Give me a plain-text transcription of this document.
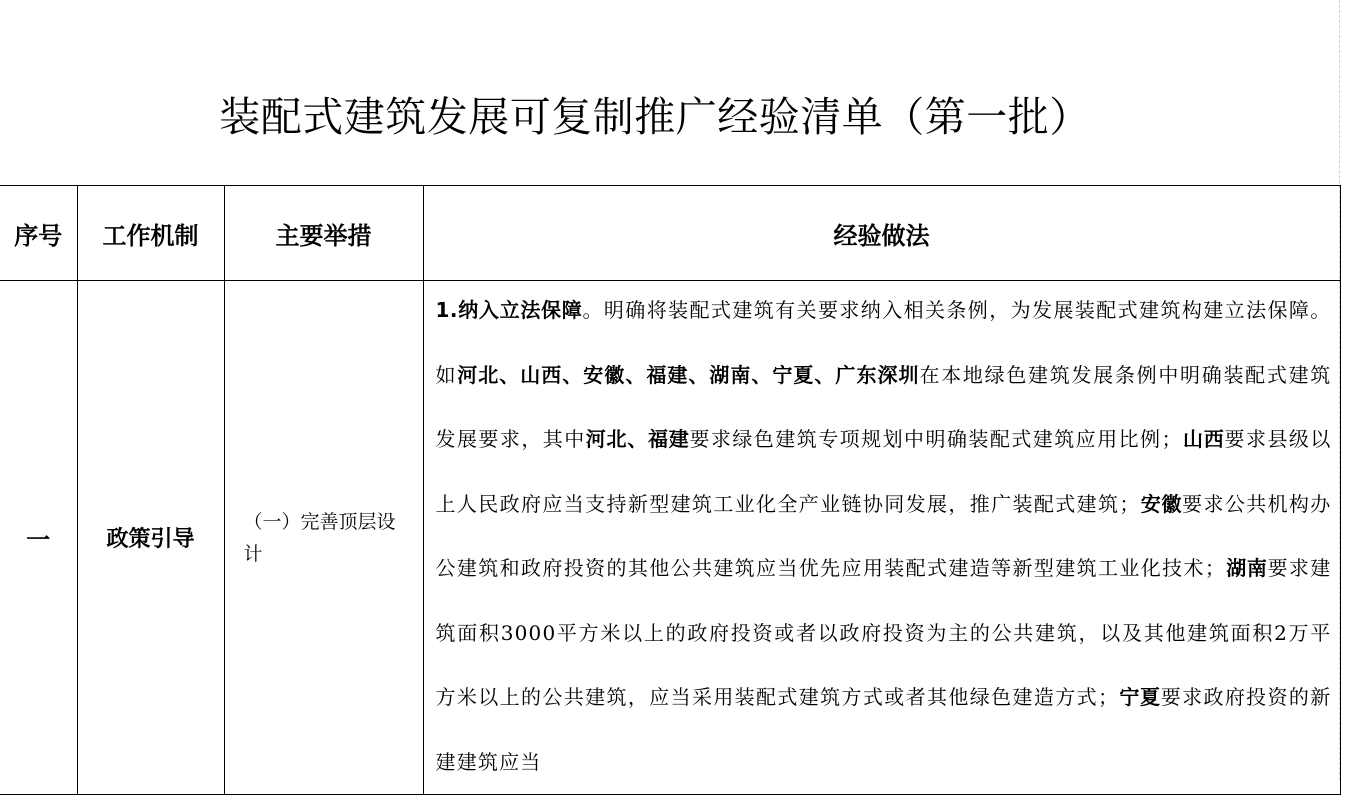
装配式建筑发展可复制推广经验清单（第一批）
序号	工作机制	主要举措	经验做法
一	政策引导	（一）完善顶层设计	1.纳入立法保障。明确将装配式建筑有关要求纳入相关条例，为发展装配式建筑构建立法保障。如河北、山西、安徽、福建、湖南、宁夏、广东深圳在本地绿色建筑发展条例中明确装配式建筑发展要求，其中河北、福建要求绿色建筑专项规划中明确装配式建筑应用比例；山西要求县级以上人民政府应当支持新型建筑工业化全产业链协同发展，推广装配式建筑；安徽要求公共机构办公建筑和政府投资的其他公共建筑应当优先应用装配式建造等新型建筑工业化技术；湖南要求建筑面积3000平方米以上的政府投资或者以政府投资为主的公共建筑，以及其他建筑面积2万平方米以上的公共建筑，应当采用装配式建筑方式或者其他绿色建造方式；宁夏要求政府投资的新建建筑应当
